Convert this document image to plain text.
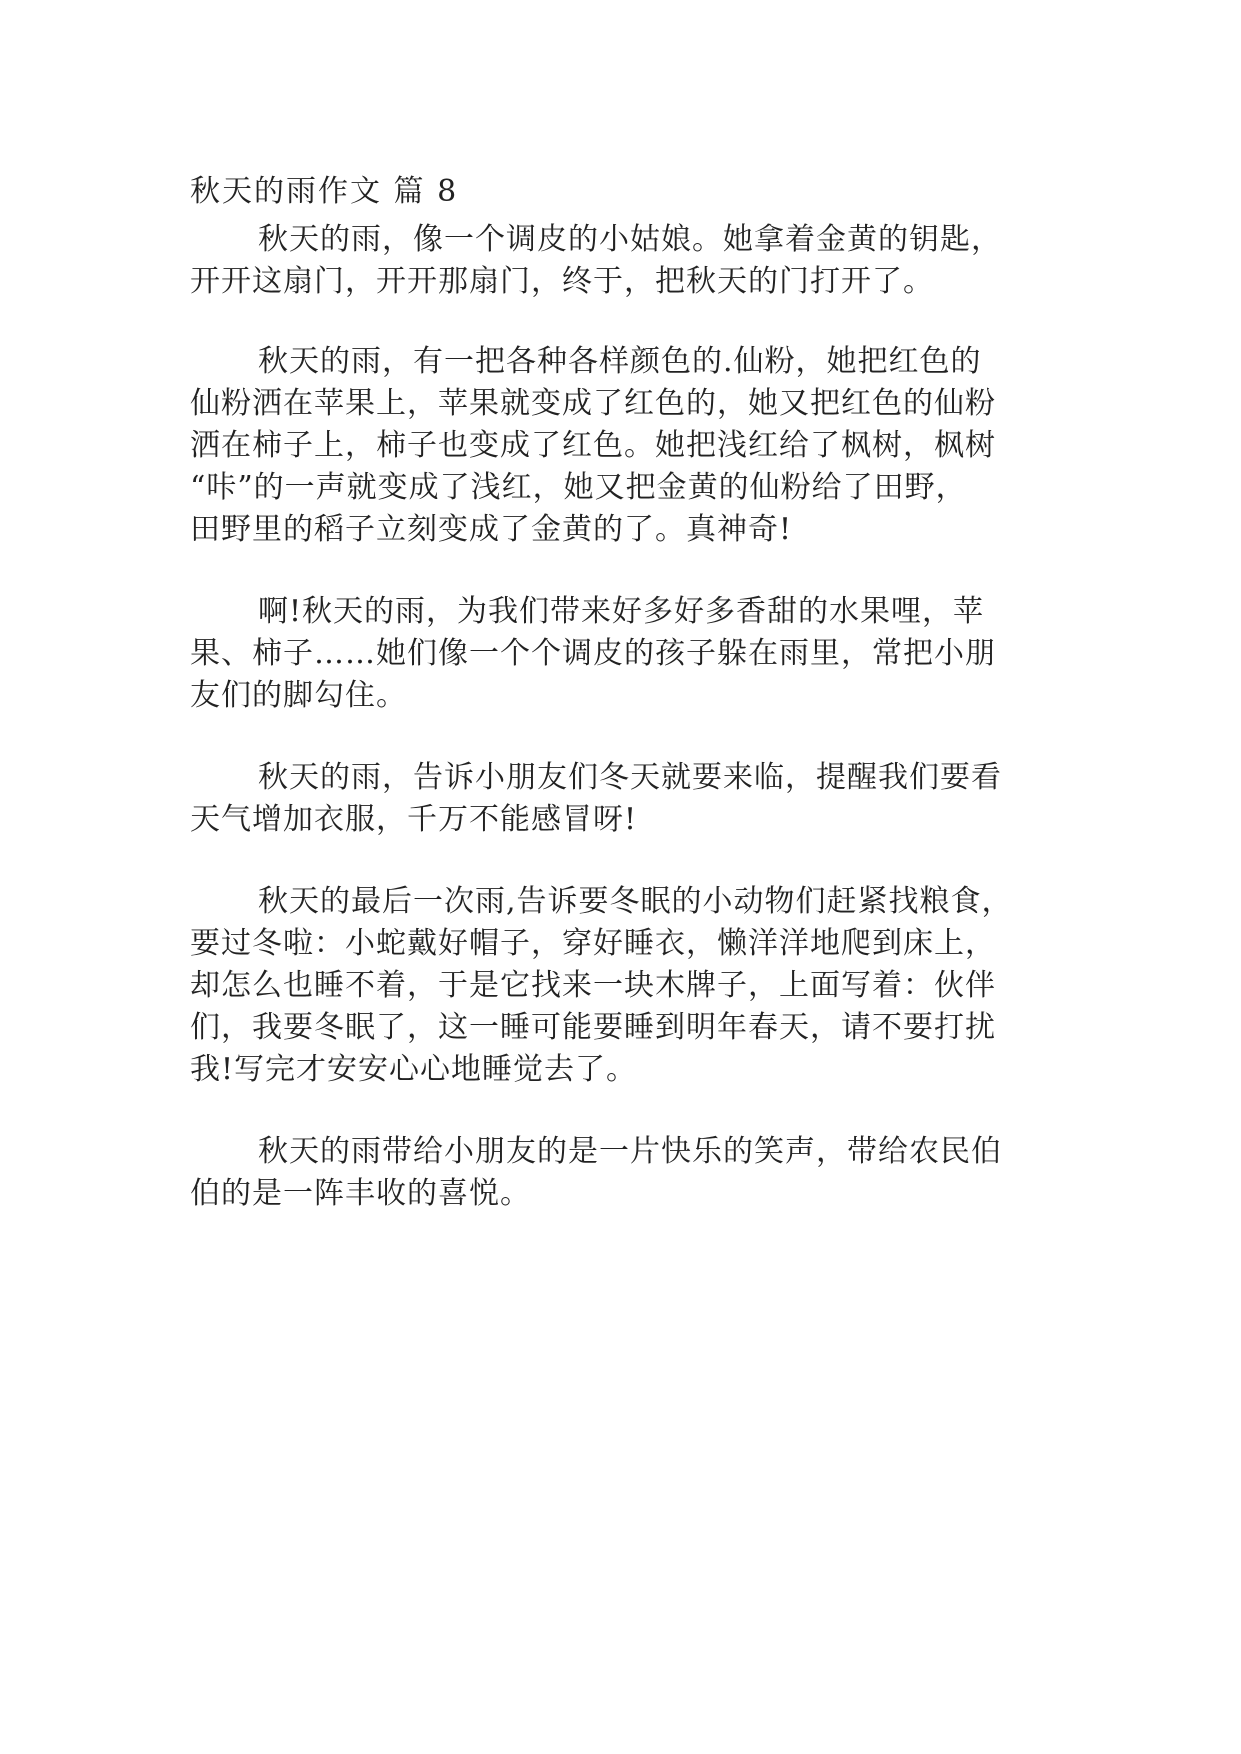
秋天的雨作文 篇 8
秋天的雨，像一个调皮的小姑娘。她拿着金黄的钥匙，
开开这扇门，开开那扇门，终于，把秋天的门打开了。
秋天的雨，有一把各种各样颜色的.仙粉，她把红色的
仙粉洒在苹果上，苹果就变成了红色的，她又把红色的仙粉
洒在柿子上，柿子也变成了红色。她把浅红给了枫树，枫树
“咔”的一声就变成了浅红，她又把金黄的仙粉给了田野，
田野里的稻子立刻变成了金黄的了。真神奇!
啊!秋天的雨，为我们带来好多好多香甜的水果哩，苹
果、柿子……她们像一个个调皮的孩子躲在雨里，常把小朋
友们的脚勾住。
秋天的雨，告诉小朋友们冬天就要来临，提醒我们要看
天气增加衣服，千万不能感冒呀!
秋天的最后一次雨,告诉要冬眠的小动物们赶紧找粮食，
要过冬啦：小蛇戴好帽子，穿好睡衣，懒洋洋地爬到床上，
却怎么也睡不着，于是它找来一块木牌子，上面写着：伙伴
们，我要冬眠了，这一睡可能要睡到明年春天，请不要打扰
我!写完才安安心心地睡觉去了。
秋天的雨带给小朋友的是一片快乐的笑声，带给农民伯
伯的是一阵丰收的喜悦。
